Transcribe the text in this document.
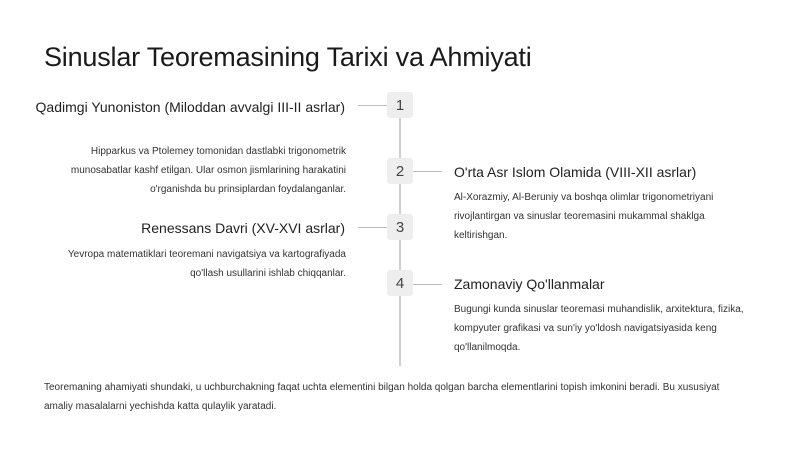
Sinuslar Teoremasining Tarixi va Ahmiyati
1

Qadimgi Yunoniston (Miloddan avvalgi III-II asrlar)

Hipparkus va Ptolemey tomonidan dastlabki trigonometrik munosabatlar kashf etilgan. Ular osmon jismlarining harakatini o'rganishda bu prinsiplardan foydalanganlar.

2	O'rta Asr Islom Olamida (VIII-XII asrlar)

Al-Xorazmiy, Al-Beruniy va boshqa olimlar trigonometriyani rivojlantirgan va sinuslar teoremasini mukammal shaklga keltirishgan.

3

Renessans Davri (XV-XVI asrlar)

Yevropa matematiklari teoremani navigatsiya va kartografiyada qo'llash usullarini ishlab chiqqanlar.

4	Zamonaviy Qo'llanmalar

Bugungi kunda sinuslar teoremasi muhandislik, arxitektura, fizika, kompyuter grafikasi va sun'iy yo'ldosh navigatsiyasida keng qo'llanilmoqda.

Teoremaning ahamiyati shundaki, u uchburchakning faqat uchta elementini bilgan holda qolgan barcha elementlarini topish imkonini beradi. Bu xususiyat amaliy masalalarni yechishda katta qulaylik yaratadi.
